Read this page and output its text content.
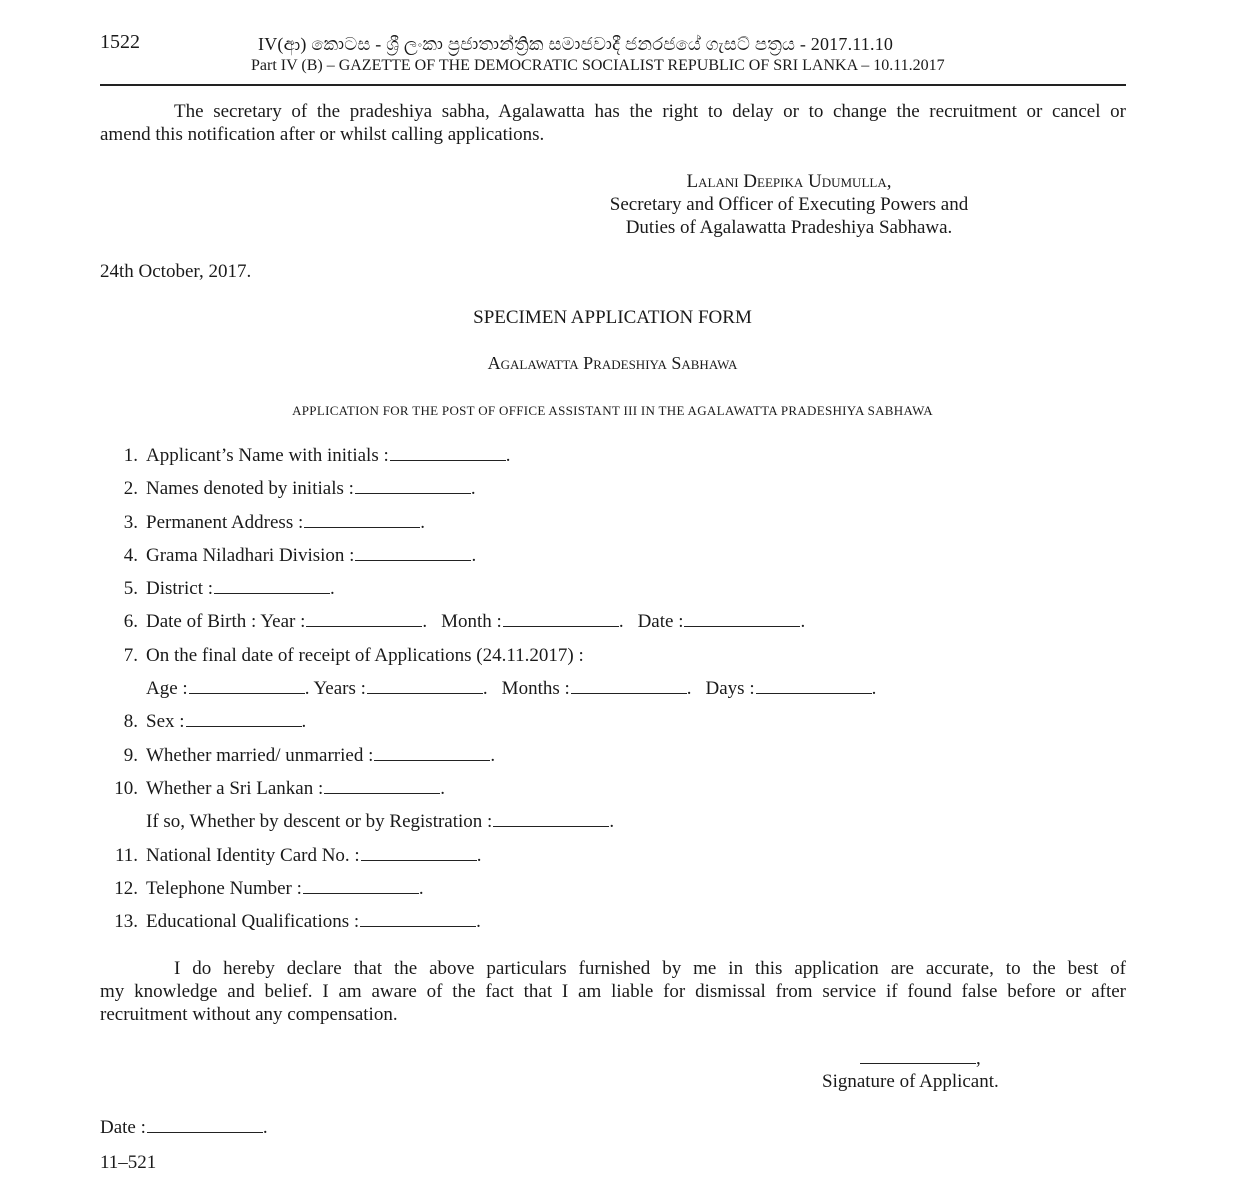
1522	IV(ආ) කොටස - ශ්‍රී ලංකා ප්‍රජාතාන්ත්‍රික සමාජවාදී ජනරජයේ ගැසට් පත්‍රය - 2017.11.10
Part IV (B) – GAZETTE OF THE DEMOCRATIC SOCIALIST REPUBLIC OF SRI LANKA – 10.11.2017
The secretary of the pradeshiya sabha, Agalawatta has the right to delay or to change the recruitment or cancel or
amend this notification after or whilst calling applications.
Lalani Deepika Udumulla,
Secretary and Officer of Executing Powers and
Duties of Agalawatta Pradeshiya Sabhawa.
24th October, 2017.
SPECIMEN APPLICATION FORM
Agalawatta Pradeshiya Sabhawa
APPLICATION FOR THE POST OF OFFICE ASSISTANT III IN THE AGALAWATTA PRADESHIYA SABHAWA
1. Applicant’s Name with initials :	.
2. Names denoted by initials :	.
3. Permanent Address :	.
4. Grama Niladhari Division :	.
5. District :	.
6. Date of Birth : Year :	. Month :	. Date :	.
7. On the final date of receipt of Applications (24.11.2017) :
Age :	. Years :	. Months :	. Days :	.
8. Sex :	.
9. Whether married/ unmarried :	.
10. Whether a Sri Lankan :	.
If so, Whether by descent or by Registration :	.
11. National Identity Card No. :	.
12. Telephone Number :	.
13. Educational Qualifications :	.
I do hereby declare that the above particulars furnished by me in this application are accurate, to the best of
my knowledge and belief. I am aware of the fact that I am liable for dismissal from service if found false before or after
recruitment without any compensation.
,
Signature of Applicant.
Date :	.
11–521
